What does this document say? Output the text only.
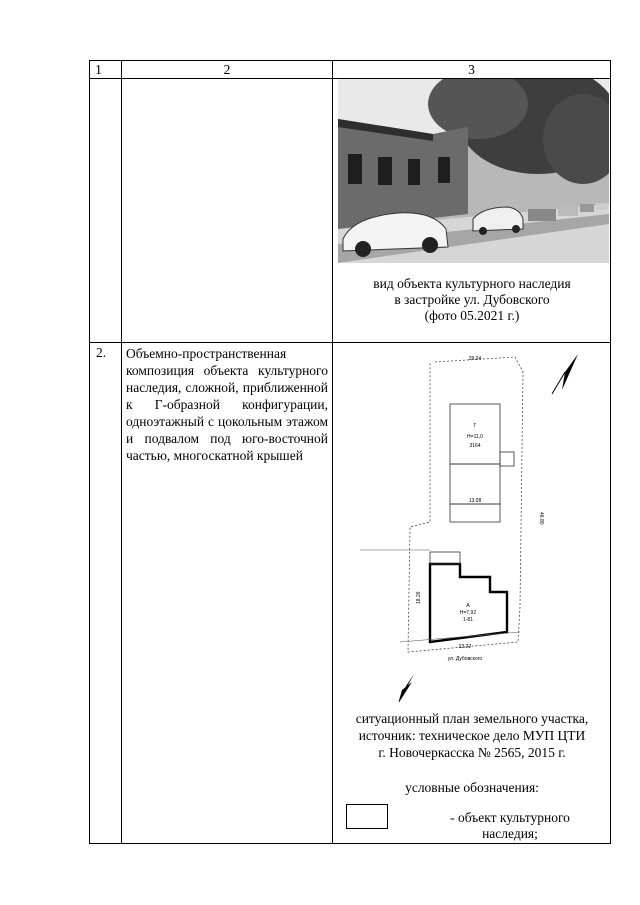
1	2	3
вид объекта культурного наследия
в застройке ул. Дубовского
(фото 05.2021 г.)
2. Объемно-пространственная композиция объекта культурного наследия, сложной, приближенной к Г-образной конфигурации, одноэтажный с цокольным этажом и подвалом под юго-восточной частью, многоскатной крышей
Г
Н=11,0
3164
13.08
29.04
46.80
А
Н=7,92
1-81
18.26
23.22
ул. Дубовского
ситуационный план земельного участка,
источник: техническое дело МУП ЦТИ
г. Новочеркасска № 2565, 2015 г.
условные обозначения:
- объект культурного
наследия;
